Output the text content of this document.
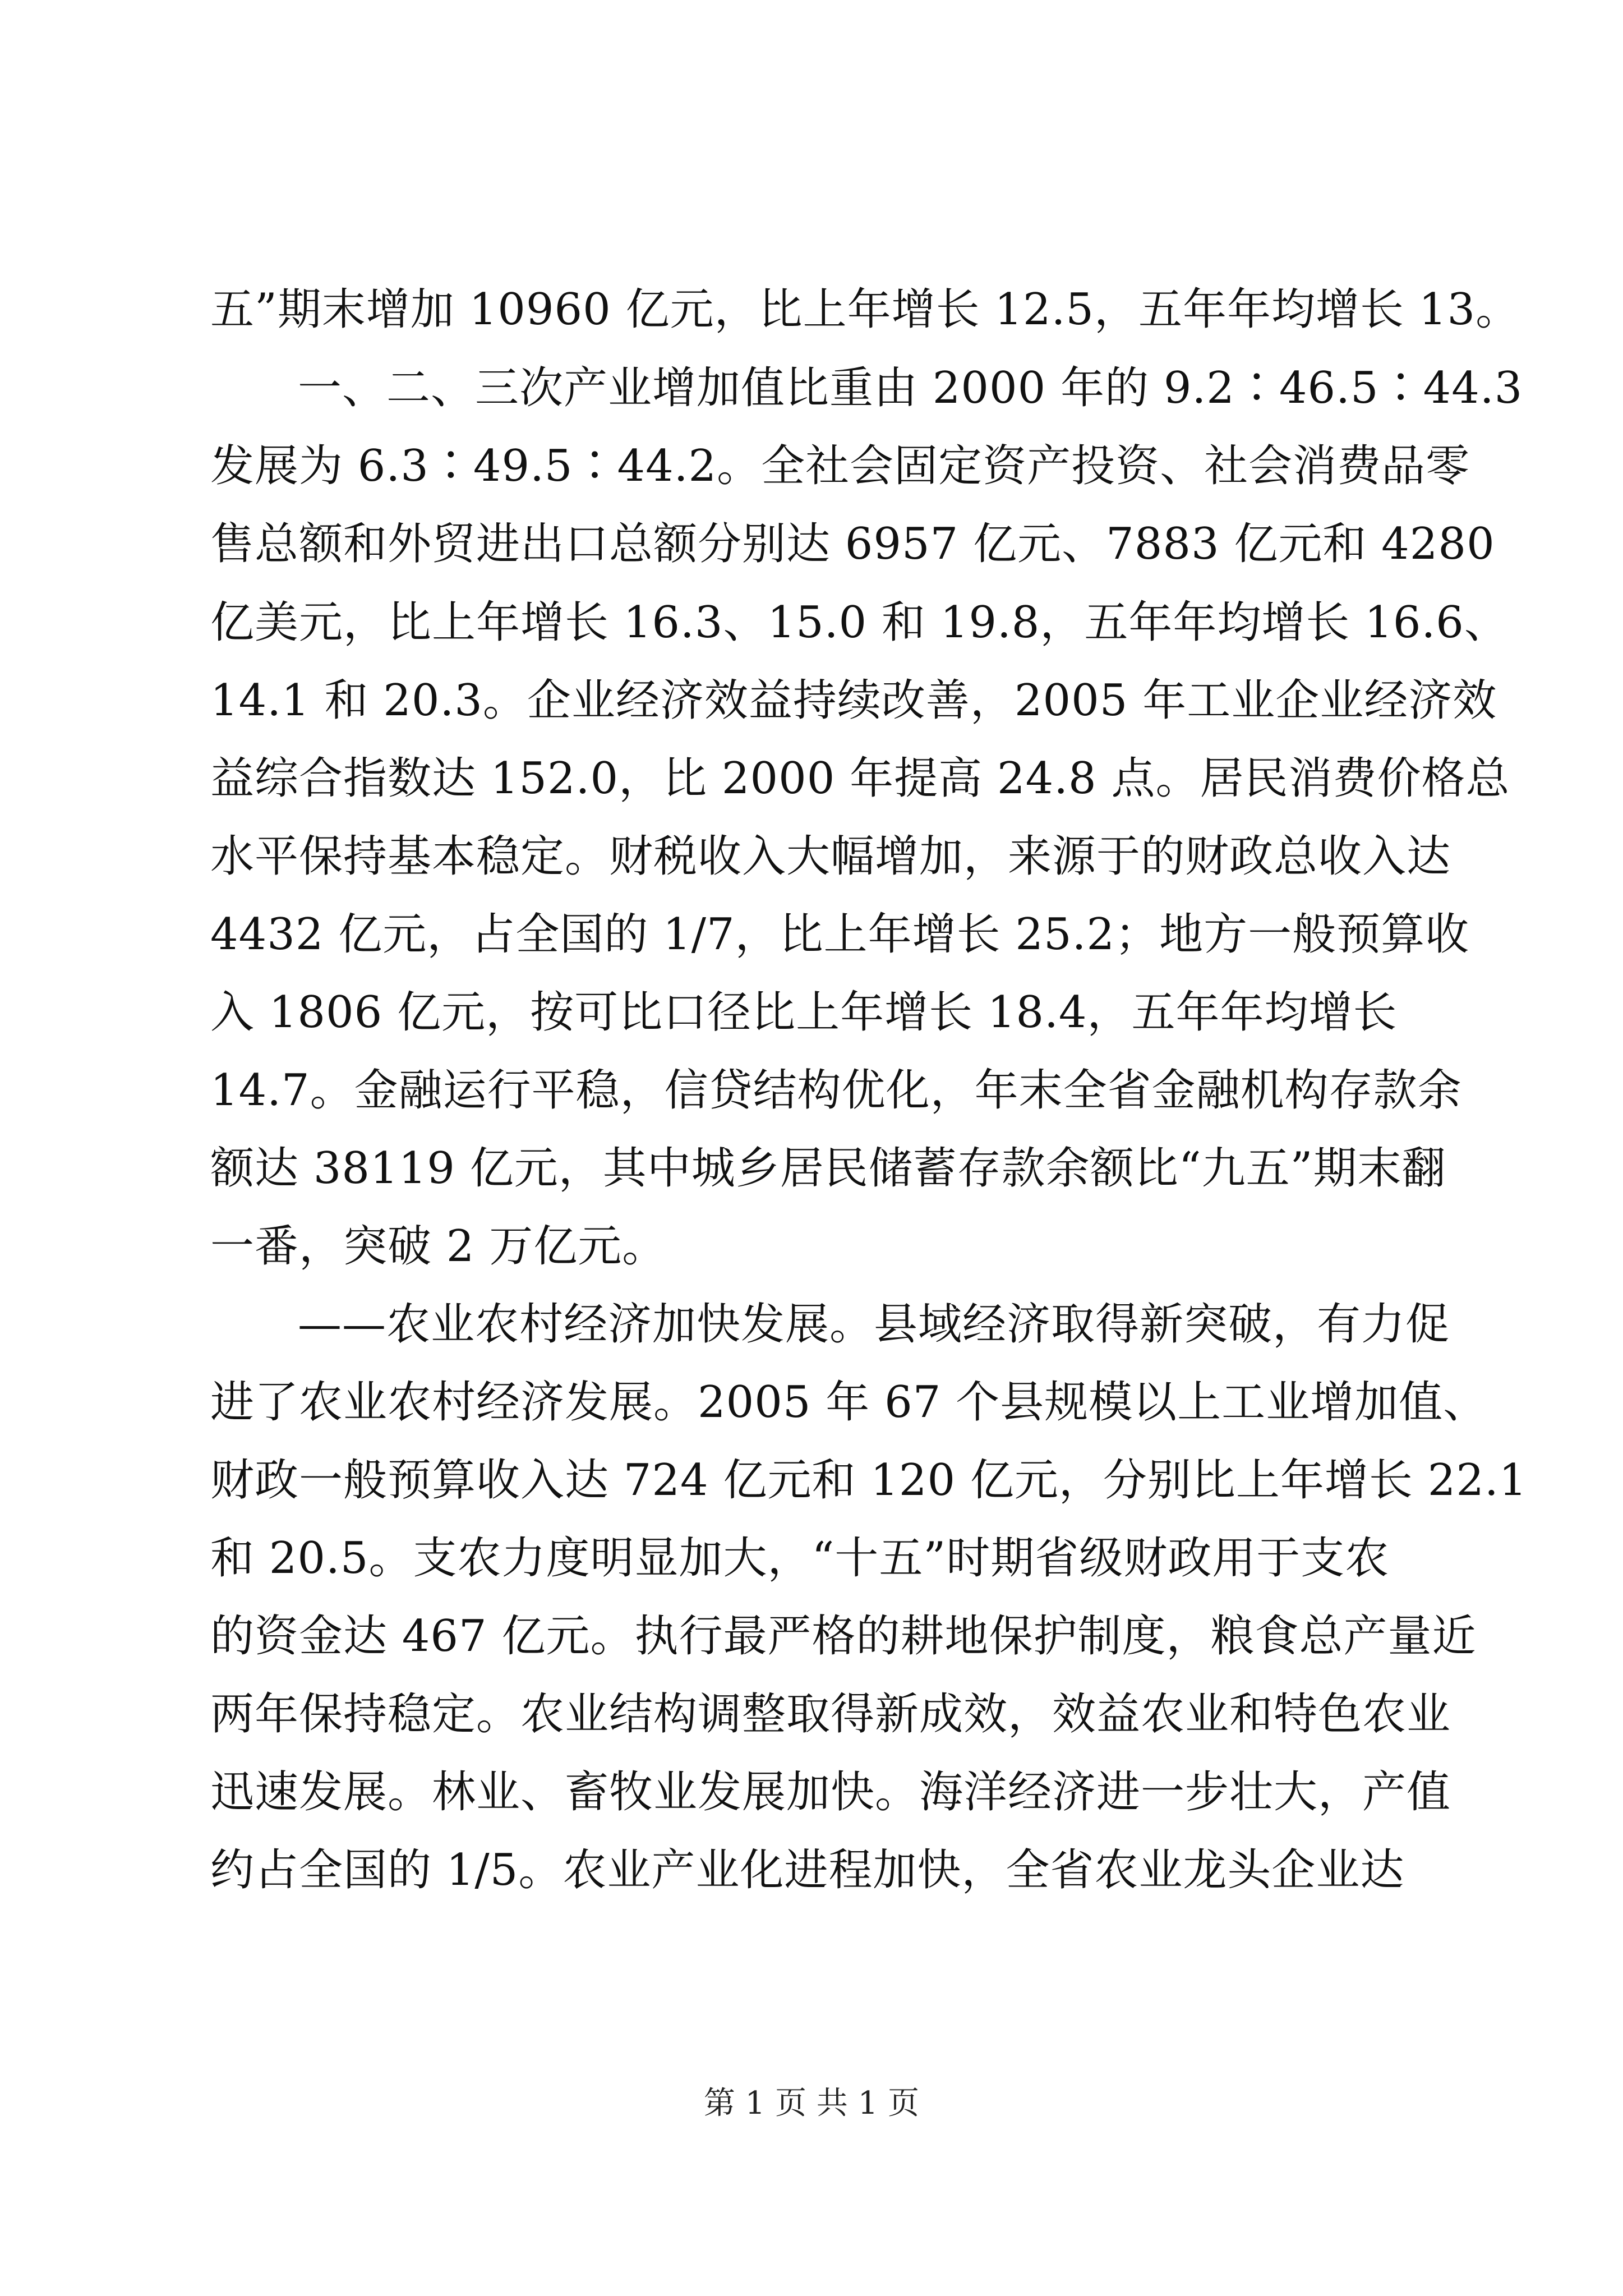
五”期末增加 10960 亿元，比上年增长 12.5，五年年均增长 13。
一、二、三次产业增加值比重由 2000 年的 9.2∶46.5∶44.3
发展为 6.3∶49.5∶44.2。全社会固定资产投资、社会消费品零
售总额和外贸进出口总额分别达 6957 亿元、7883 亿元和 4280
亿美元，比上年增长 16.3、15.0 和 19.8，五年年均增长 16.6、
14.1 和 20.3。企业经济效益持续改善，2005 年工业企业经济效
益综合指数达 152.0，比 2000 年提高 24.8 点。居民消费价格总
水平保持基本稳定。财税收入大幅增加，来源于的财政总收入达
4432 亿元，占全国的 1/7，比上年增长 25.2；地方一般预算收
入 1806 亿元，按可比口径比上年增长 18.4，五年年均增长
14.7。金融运行平稳，信贷结构优化，年末全省金融机构存款余
额达 38119 亿元，其中城乡居民储蓄存款余额比“九五”期末翻
一番，突破 2 万亿元。
——农业农村经济加快发展。县域经济取得新突破，有力促
进了农业农村经济发展。2005 年 67 个县规模以上工业增加值、
财政一般预算收入达 724 亿元和 120 亿元，分别比上年增长 22.1
和 20.5。支农力度明显加大，“十五”时期省级财政用于支农
的资金达 467 亿元。执行最严格的耕地保护制度，粮食总产量近
两年保持稳定。农业结构调整取得新成效，效益农业和特色农业
迅速发展。林业、畜牧业发展加快。海洋经济进一步壮大，产值
约占全国的 1/5。农业产业化进程加快，全省农业龙头企业达
第 1 页 共 1 页
